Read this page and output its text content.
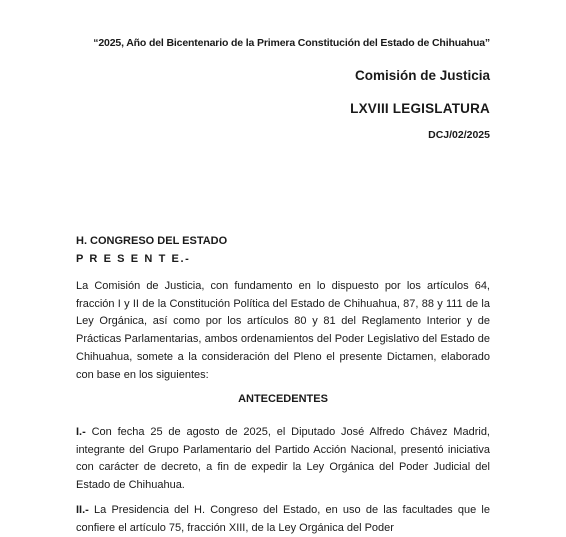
“2025, Año del Bicentenario de la Primera Constitución del Estado de Chihuahua”
Comisión de Justicia
LXVIII LEGISLATURA
DCJ/02/2025
H. CONGRESO DEL ESTADO
P R E S E N T E.-

La Comisión de Justicia, con fundamento en lo dispuesto por los artículos 64, fracción I y II de la Constitución Política del Estado de Chihuahua, 87, 88 y 111 de la Ley Orgánica, así como por los artículos 80 y 81 del Reglamento Interior y de Prácticas Parlamentarias, ambos ordenamientos del Poder Legislativo del Estado de Chihuahua, somete a la consideración del Pleno el presente Dictamen, elaborado con base en los siguientes:

ANTECEDENTES

I.- Con fecha 25 de agosto de 2025, el Diputado José Alfredo Chávez Madrid, integrante del Grupo Parlamentario del Partido Acción Nacional, presentó iniciativa con carácter de decreto, a fin de expedir la Ley Orgánica del Poder Judicial del Estado de Chihuahua.

II.- La Presidencia del H. Congreso del Estado, en uso de las facultades que le confiere el artículo 75, fracción XIII, de la Ley Orgánica del Poder
